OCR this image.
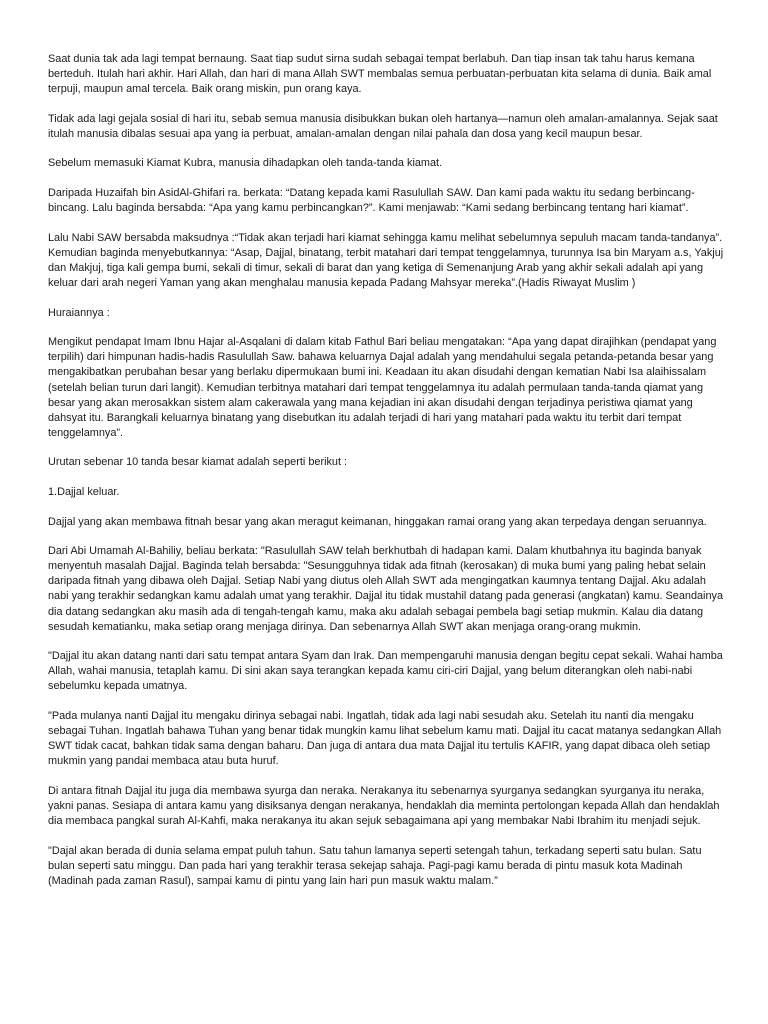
Saat dunia tak ada lagi tempat bernaung. Saat tiap sudut sirna sudah sebagai tempat berlabuh. Dan tiap insan tak tahu harus kemana berteduh. Itulah hari akhir. Hari Allah, dan hari di mana Allah SWT membalas semua perbuatan-perbuatan kita selama di dunia. Baik amal terpuji, maupun amal tercela. Baik orang miskin, pun orang kaya.

Tidak ada lagi gejala sosial di hari itu, sebab semua manusia disibukkan bukan oleh hartanya—namun oleh amalan-amalannya. Sejak saat itulah manusia dibalas sesuai apa yang ia perbuat, amalan-amalan dengan nilai pahala dan dosa yang kecil maupun besar.

Sebelum memasuki Kiamat Kubra, manusia dihadapkan oleh tanda-tanda kiamat.

Daripada Huzaifah bin AsidAl-Ghifari ra. berkata: “Datang kepada kami Rasulullah SAW. Dan kami pada waktu itu sedang berbincang-bincang. Lalu baginda bersabda: “Apa yang kamu perbincangkan?”. Kami menjawab: “Kami sedang berbincang tentang hari kiamat”.

Lalu Nabi SAW bersabda maksudnya :“Tidak akan terjadi hari kiamat sehingga kamu melihat sebelumnya sepuluh macam tanda-tandanya”. Kemudian baginda menyebutkannya: “Asap, Dajjal, binatang, terbit matahari dari tempat tenggelamnya, turunnya Isa bin Maryam a.s, Yakjuj dan Makjuj, tiga kali gempa bumi, sekali di timur, sekali di barat dan yang ketiga di Semenanjung Arab yang akhir sekali adalah api yang keluar dari arah negeri Yaman yang akan menghalau manusia kepada Padang Mahsyar mereka”.(Hadis Riwayat Muslim )

Huraiannya :

Mengikut pendapat Imam Ibnu Hajar al-Asqalani di dalam kitab Fathul Bari beliau mengatakan: “Apa yang dapat dirajihkan (pendapat yang terpilih) dari himpunan hadis-hadis Rasulullah Saw. bahawa keluarnya Dajal adalah yang mendahului segala petanda-petanda besar yang mengakibatkan perubahan besar yang berlaku dipermukaan bumi ini. Keadaan itu akan disudahi dengan kematian Nabi Isa alaihissalam (setelah belian turun dari langit). Kemudian terbitnya matahari dari tempat tenggelamnya itu adalah permulaan tanda-tanda qiamat yang besar yang akan merosakkan sistem alam cakerawala yang mana kejadian ini akan disudahi dengan terjadinya peristiwa qiamat yang dahsyat itu. Barangkali keluarnya binatang yang disebutkan itu adalah terjadi di hari yang matahari pada waktu itu terbit dari tempat tenggelamnya”.

Urutan sebenar 10 tanda besar kiamat adalah seperti berikut :

1.Dajjal keluar.

Dajjal yang akan membawa fitnah besar yang akan meragut keimanan, hinggakan ramai orang yang akan terpedaya dengan seruannya.

Dari Abi Umamah Al-Bahiliy, beliau berkata: "Rasulullah SAW telah berkhutbah di hadapan kami. Dalam khutbahnya itu baginda banyak menyentuh masalah Dajjal. Baginda telah bersabda: "Sesungguhnya tidak ada fitnah (kerosakan) di muka bumi yang paling hebat selain daripada fitnah yang dibawa oleh Dajjal. Setiap Nabi yang diutus oleh Allah SWT ada mengingatkan kaumnya tentang Dajjal. Aku adalah nabi yang terakhir sedangkan kamu adalah umat yang terakhir. Dajjal itu tidak mustahil datang pada generasi (angkatan) kamu. Seandainya dia datang sedangkan aku masih ada di tengah-tengah kamu, maka aku adalah sebagai pembela bagi setiap mukmin. Kalau dia datang sesudah kematianku, maka setiap orang menjaga dirinya. Dan sebenarnya Allah SWT akan menjaga orang-orang mukmin.

"Dajjal itu akan datang nanti dari satu tempat antara Syam dan Irak. Dan mempengaruhi manusia dengan begitu cepat sekali. Wahai hamba Allah, wahai manusia, tetaplah kamu. Di sini akan saya terangkan kepada kamu ciri-ciri Dajjal, yang belum diterangkan oleh nabi-nabi sebelumku kepada umatnya.

"Pada mulanya nanti Dajjal itu mengaku dirinya sebagai nabi. Ingatlah, tidak ada lagi nabi sesudah aku. Setelah itu nanti dia mengaku sebagai Tuhan. Ingatlah bahawa Tuhan yang benar tidak mungkin kamu lihat sebelum kamu mati. Dajjal itu cacat matanya sedangkan Allah SWT tidak cacat, bahkan tidak sama dengan baharu. Dan juga di antara dua mata Dajjal itu tertulis KAFIR, yang dapat dibaca oleh setiap mukmin yang pandai membaca atau buta huruf.

Di antara fitnah Dajjal itu juga dia membawa syurga dan neraka. Nerakanya itu sebenarnya syurganya sedangkan syurganya itu neraka, yakni panas. Sesiapa di antara kamu yang disiksanya dengan nerakanya, hendaklah dia meminta pertolongan kepada Allah dan hendaklah dia membaca pangkal surah Al-Kahfi, maka nerakanya itu akan sejuk sebagaimana api yang membakar Nabi Ibrahim itu menjadi sejuk.

"Dajal akan berada di dunia selama empat puluh tahun. Satu tahun lamanya seperti setengah tahun, terkadang seperti satu bulan. Satu bulan seperti satu minggu. Dan pada hari yang terakhir terasa sekejap sahaja. Pagi-pagi kamu berada di pintu masuk kota Madinah (Madinah pada zaman Rasul), sampai kamu di pintu yang lain hari pun masuk waktu malam.”
